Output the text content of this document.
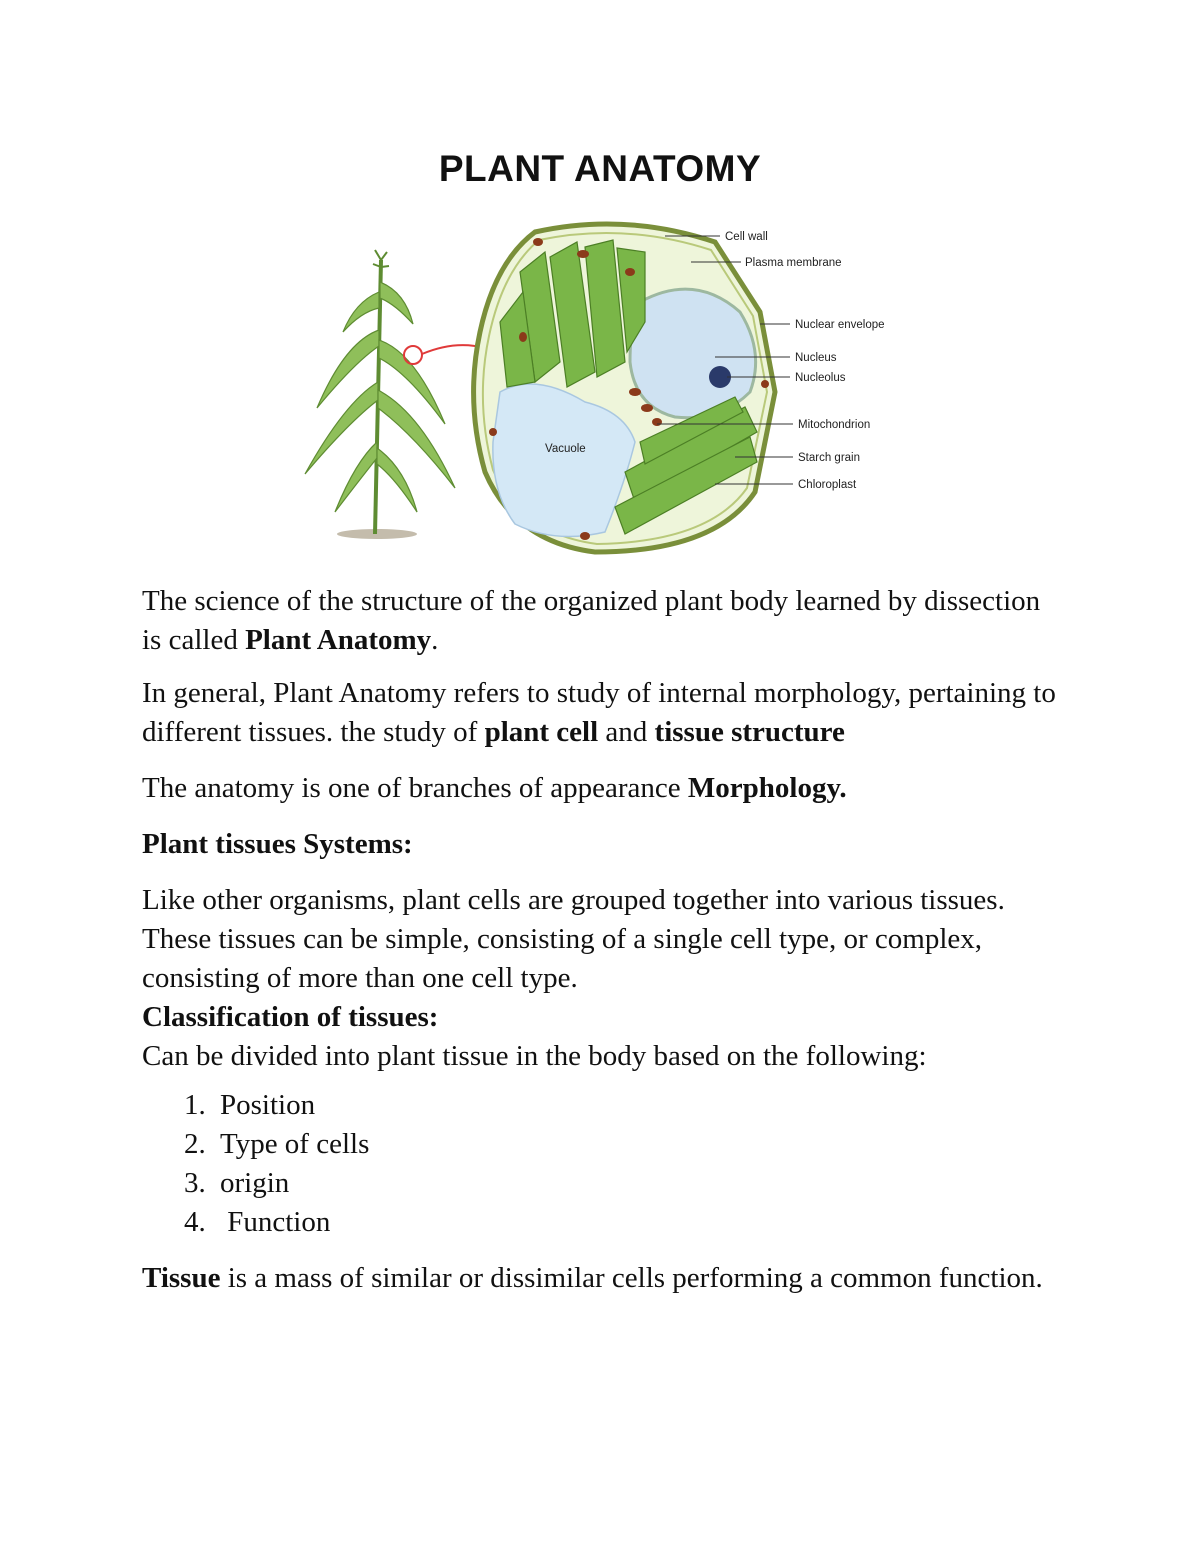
PLANT ANATOMY
Vacuole
Cell wall
Plasma membrane
Nuclear envelope
Nucleus
Nucleolus
Mitochondrion
Starch grain
Chloroplast

The science of the structure of the organized plant body learned by dissection is called Plant Anatomy.

In general, Plant Anatomy refers to study of internal morphology, pertaining to different tissues. the study of plant cell and tissue structure

The anatomy is one of branches of appearance Morphology.

Plant tissues Systems:

Like other organisms, plant cells are grouped together into various tissues. These tissues can be simple, consisting of a single cell type, or complex, consisting of more than one cell type.

Classification of tissues:

Can be divided into plant tissue in the body based on the following:

1. Position
2. Type of cells
3. origin
4. Function

Tissue is a mass of similar or dissimilar cells performing a common function.
